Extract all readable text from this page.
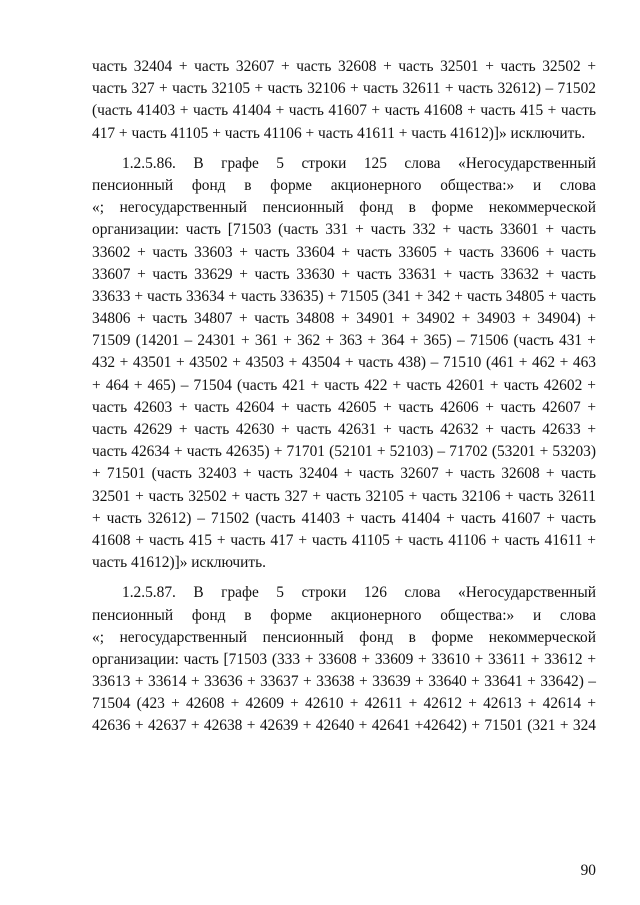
часть 32404 + часть 32607 + часть 32608 + часть 32501 + часть 32502 +
часть 327 + часть 32105 + часть 32106 + часть 32611 + часть 32612) – 71502
(часть 41403 + часть 41404 + часть 41607 + часть 41608 + часть 415 + часть
417 + часть 41105 + часть 41106 + часть 41611 + часть 41612)]» исключить.
1.2.5.86. В графе 5 строки 125 слова «Негосударственный
пенсионный фонд в форме акционерного общества:» и слова
«; негосударственный пенсионный фонд в форме некоммерческой
организации: часть [71503 (часть 331 + часть 332 + часть 33601 + часть
33602 + часть 33603 + часть 33604 + часть 33605 + часть 33606 + часть
33607 + часть 33629 + часть 33630 + часть 33631 + часть 33632 + часть
33633 + часть 33634 + часть 33635) + 71505 (341 + 342 + часть 34805 + часть
34806 + часть 34807 + часть 34808 + 34901 + 34902 + 34903 + 34904) +
71509 (14201 – 24301 + 361 + 362 + 363 + 364 + 365) – 71506 (часть 431 +
432 + 43501 + 43502 + 43503 + 43504 + часть 438) – 71510 (461 + 462 + 463
+ 464 + 465) – 71504 (часть 421 + часть 422 + часть 42601 + часть 42602 +
часть 42603 + часть 42604 + часть 42605 + часть 42606 + часть 42607 +
часть 42629 + часть 42630 + часть 42631 + часть 42632 + часть 42633 +
часть 42634 + часть 42635) + 71701 (52101 + 52103) – 71702 (53201 + 53203)
+ 71501 (часть 32403 + часть 32404 + часть 32607 + часть 32608 + часть
32501 + часть 32502 + часть 327 + часть 32105 + часть 32106 + часть 32611
+ часть 32612) – 71502 (часть 41403 + часть 41404 + часть 41607 + часть
41608 + часть 415 + часть 417 + часть 41105 + часть 41106 + часть 41611 +
часть 41612)]» исключить.
1.2.5.87. В графе 5 строки 126 слова «Негосударственный
пенсионный фонд в форме акционерного общества:» и слова
«; негосударственный пенсионный фонд в форме некоммерческой
организации: часть [71503 (333 + 33608 + 33609 + 33610 + 33611 + 33612 +
33613 + 33614 + 33636 + 33637 + 33638 + 33639 + 33640 + 33641 + 33642) –
71504 (423 + 42608 + 42609 + 42610 + 42611 + 42612 + 42613 + 42614 +
42636 + 42637 + 42638 + 42639 + 42640 + 42641 +42642) + 71501 (321 + 324
90
